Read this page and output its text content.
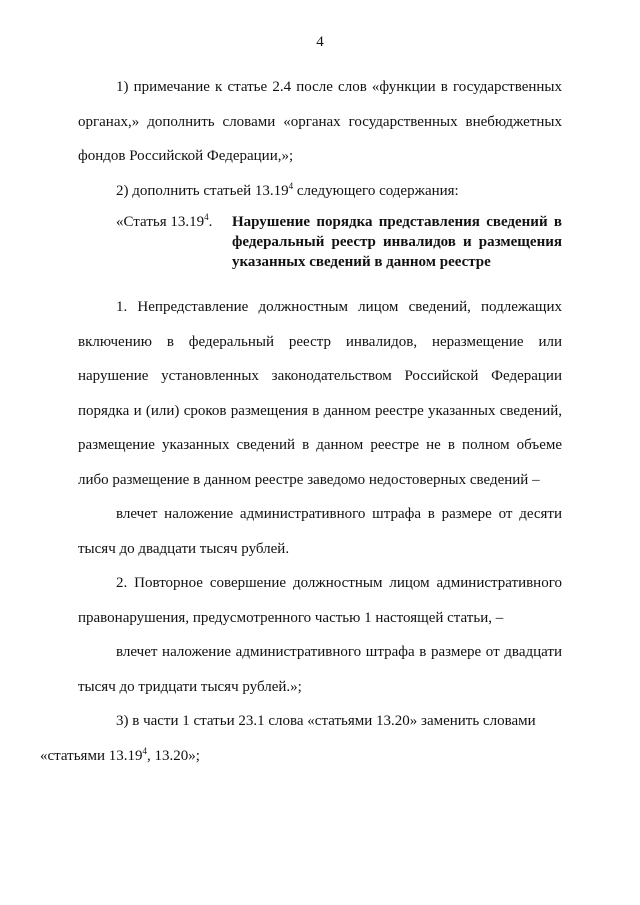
4

1) примечание к статье 2.4 после слов «функции в государственных органах,» дополнить словами «органах государственных внебюджетных фондов Российской Федерации,»;

2) дополнить статьей 13.19$^4$ следующего содержания:

«Статья 13.19$^4$.	Нарушение порядка представления сведений в федеральный реестр инвалидов и размещения указанных сведений в данном реестре

1. Непредставление должностным лицом сведений, подлежащих включению в федеральный реестр инвалидов, неразмещение или нарушение установленных законодательством Российской Федерации порядка и (или) сроков размещения в данном реестре указанных сведений, размещение указанных сведений в данном реестре не в полном объеме либо размещение в данном реестре заведомо недостоверных сведений –

влечет наложение административного штрафа в размере от десяти тысяч до двадцати тысяч рублей.

2. Повторное совершение должностным лицом административного правонарушения, предусмотренного частью 1 настоящей статьи, –

влечет наложение административного штрафа в размере от двадцати тысяч до тридцати тысяч рублей.»;

3) в части 1 статьи 23.1 слова «статьями 13.20» заменить словами
«статьями 13.19$^4$, 13.20»;
